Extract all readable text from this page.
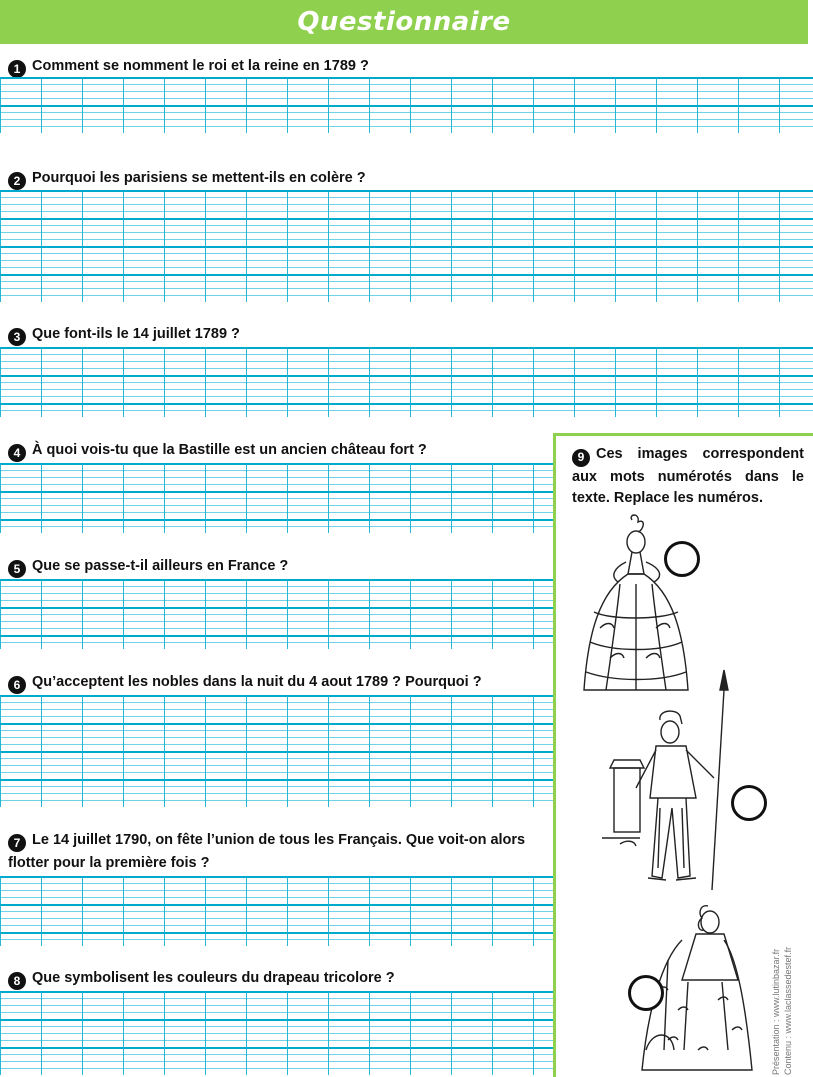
Questionnaire
1 Comment se nomment le roi et la reine en 1789 ?
2 Pourquoi les parisiens se mettent-ils en colère ?
3 Que font-ils le 14 juillet 1789 ?
4 À quoi vois-tu que la Bastille est un ancien château fort ?
5 Que se passe-t-il ailleurs en France ?
6 Qu’acceptent les nobles dans la nuit du 4 aout 1789 ? Pourquoi ?
7 Le 14 juillet 1790, on fête l’union de tous les Français. Que voit-on alors flotter pour la première fois ?
8 Que symbolisent les couleurs du drapeau tricolore ?
9 Ces images correspondent aux mots numérotés dans le texte. Replace les numéros.
Présentation : www.lutinbazar.fr Contenu : www.laclassedestef.fr
